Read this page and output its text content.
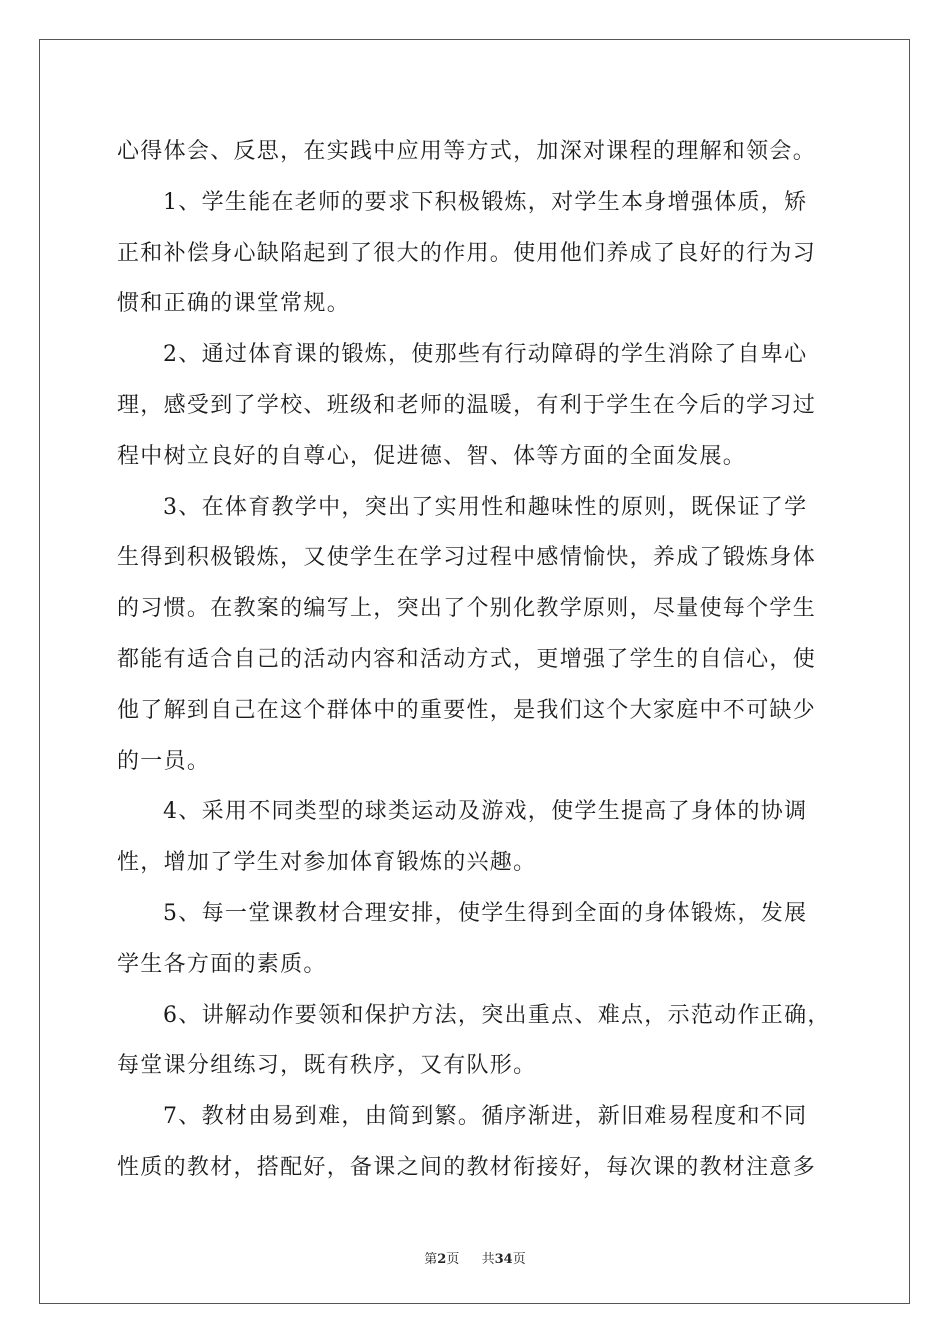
心得体会、反思，在实践中应用等方式，加深对课程的理解和领会。
1、学生能在老师的要求下积极锻炼，对学生本身增强体质，矫
正和补偿身心缺陷起到了很大的作用。使用他们养成了良好的行为习
惯和正确的课堂常规。
2、通过体育课的锻炼，使那些有行动障碍的学生消除了自卑心
理，感受到了学校、班级和老师的温暖，有利于学生在今后的学习过
程中树立良好的自尊心，促进德、智、体等方面的全面发展。
3、在体育教学中，突出了实用性和趣味性的原则，既保证了学
生得到积极锻炼，又使学生在学习过程中感情愉快，养成了锻炼身体
的习惯。在教案的编写上，突出了个别化教学原则，尽量使每个学生
都能有适合自己的活动内容和活动方式，更增强了学生的自信心，使
他了解到自己在这个群体中的重要性，是我们这个大家庭中不可缺少
的一员。
4、采用不同类型的球类运动及游戏，使学生提高了身体的协调
性，增加了学生对参加体育锻炼的兴趣。
5、每一堂课教材合理安排，使学生得到全面的身体锻炼，发展
学生各方面的素质。
6、讲解动作要领和保护方法，突出重点、难点，示范动作正确，
每堂课分组练习，既有秩序，又有队形。
7、教材由易到难，由简到繁。循序渐进，新旧难易程度和不同
性质的教材，搭配好，备课之间的教材衔接好，每次课的教材注意多
第2页 共34页
